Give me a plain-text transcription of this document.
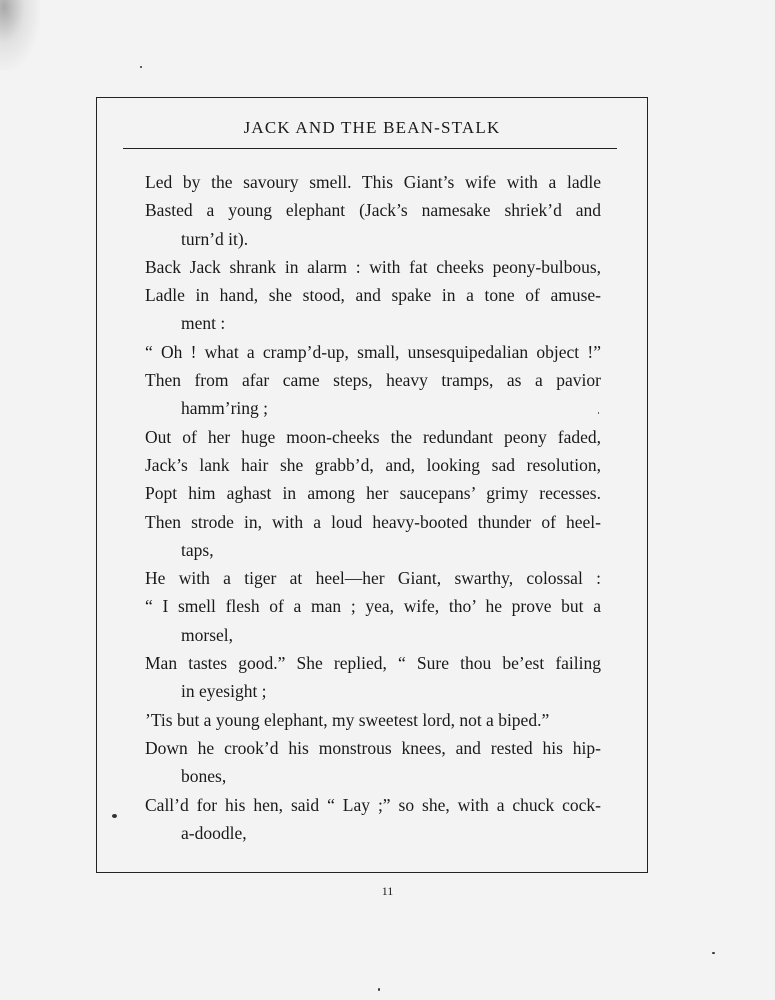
JACK AND THE BEAN-STALK
Led by the savoury smell. This Giant’s wife with a ladle
Basted a young elephant (Jack’s namesake shriek’d and
turn’d it).
Back Jack shrank in alarm : with fat cheeks peony-bulbous,
Ladle in hand, she stood, and spake in a tone of amuse-
ment :
“ Oh ! what a cramp’d-up, small, unsesquipedalian object !”
Then from afar came steps, heavy tramps, as a pavior
hamm’ring ;
Out of her huge moon-cheeks the redundant peony faded,
Jack’s lank hair she grabb’d, and, looking sad resolution,
Popt him aghast in among her saucepans’ grimy recesses.
Then strode in, with a loud heavy-booted thunder of heel-
taps,
He with a tiger at heel—her Giant, swarthy, colossal :
“ I smell flesh of a man ; yea, wife, tho’ he prove but a
morsel,
Man tastes good.” She replied, “ Sure thou be’est failing
in eyesight ;
’Tis but a young elephant, my sweetest lord, not a biped.”
Down he crook’d his monstrous knees, and rested his hip-
bones,
Call’d for his hen, said “ Lay ;” so she, with a chuck cock-
a-doodle,
11
